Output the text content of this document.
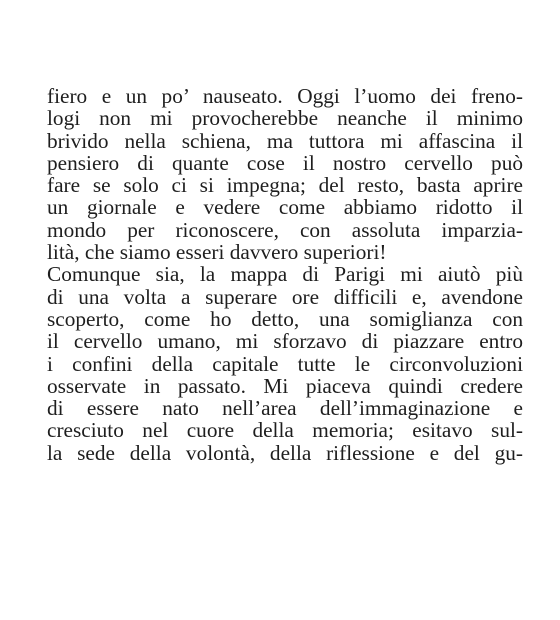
fiero e un po’ nauseato. Oggi l’uomo dei freno-
logi non mi provocherebbe neanche il minimo
brivido nella schiena, ma tuttora mi affascina il
pensiero di quante cose il nostro cervello può
fare se solo ci si impegna; del resto, basta aprire
un giornale e vedere come abbiamo ridotto il
mondo per riconoscere, con assoluta imparzia-
lità, che siamo esseri davvero superiori!
Comunque sia, la mappa di Parigi mi aiutò più
di una volta a superare ore difficili e, avendone
scoperto, come ho detto, una somiglianza con
il cervello umano, mi sforzavo di piazzare entro
i confini della capitale tutte le circonvoluzioni
osservate in passato. Mi piaceva quindi credere
di essere nato nell’area dell’immaginazione e
cresciuto nel cuore della memoria; esitavo sul-
la sede della volontà, della riflessione e del gu-
